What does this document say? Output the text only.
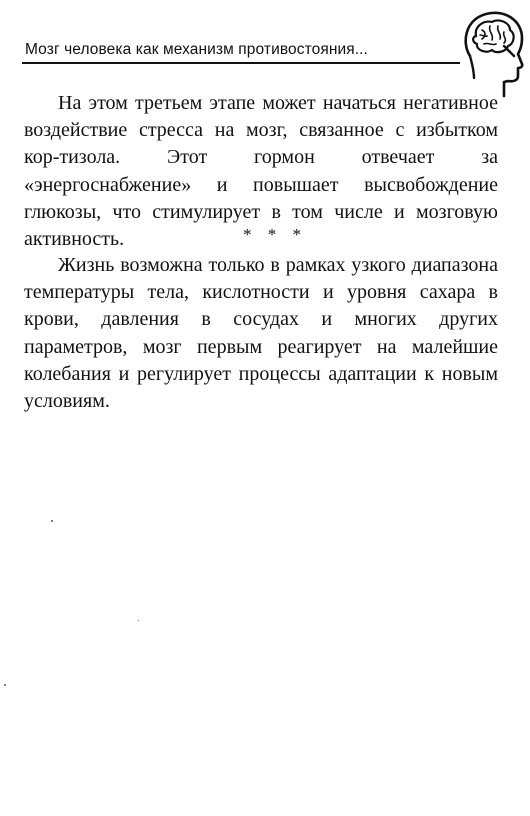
Мозг человека как механизм противостояния...

На этом третьем этапе может начаться негативное воздействие стресса на мозг, связанное с избытком кор-тизола. Этот гормон отвечает за «энергоснабжение» и повышает высвобождение глюкозы, что стимулирует в том числе и мозговую активность.	* * *

Жизнь возможна только в рамках узкого диапазона температуры тела, кислотности и уровня сахара в крови, давления в сосудах и многих других параметров, мозг первым реагирует на малейшие колебания и регулирует процессы адаптации к новым условиям.
